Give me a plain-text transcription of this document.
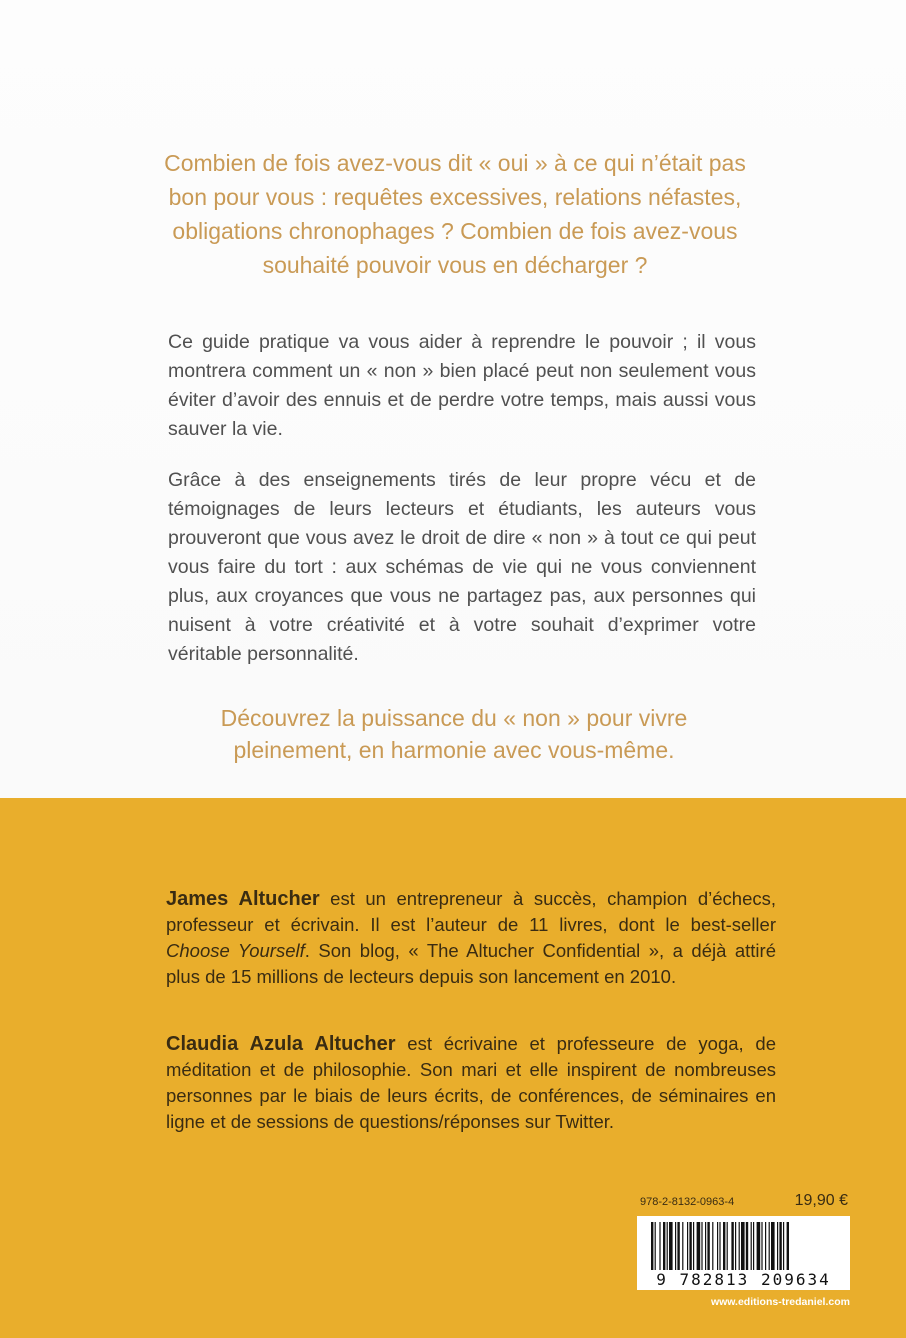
Combien de fois avez-vous dit « oui » à ce qui n’était pas bon pour vous : requêtes excessives, relations néfastes, obligations chronophages ? Combien de fois avez-vous souhaité pouvoir vous en décharger ?
Ce guide pratique va vous aider à reprendre le pouvoir ; il vous montrera comment un « non » bien placé peut non seulement vous éviter d’avoir des ennuis et de perdre votre temps, mais aussi vous sauver la vie.
Grâce à des enseignements tirés de leur propre vécu et de témoignages de leurs lecteurs et étudiants, les auteurs vous prouveront que vous avez le droit de dire « non » à tout ce qui peut vous faire du tort : aux schémas de vie qui ne vous conviennent plus, aux croyances que vous ne partagez pas, aux personnes qui nuisent à votre créativité et à votre souhait d’exprimer votre véritable personnalité.
Découvrez la puissance du « non » pour vivre pleinement, en harmonie avec vous-même.
James Altucher est un entrepreneur à succès, champion d’échecs, professeur et écrivain. Il est l’auteur de 11 livres, dont le best-seller Choose Yourself. Son blog, « The Altucher Confidential », a déjà attiré plus de 15 millions de lecteurs depuis son lancement en 2010.
Claudia Azula Altucher est écrivaine et professeure de yoga, de méditation et de philosophie. Son mari et elle inspirent de nombreuses personnes par le biais de leurs écrits, de conférences, de séminaires en ligne et de sessions de questions/réponses sur Twitter.
978-2-8132-0963-4	19,90 €
9 782813 209634
www.editions-tredaniel.com
